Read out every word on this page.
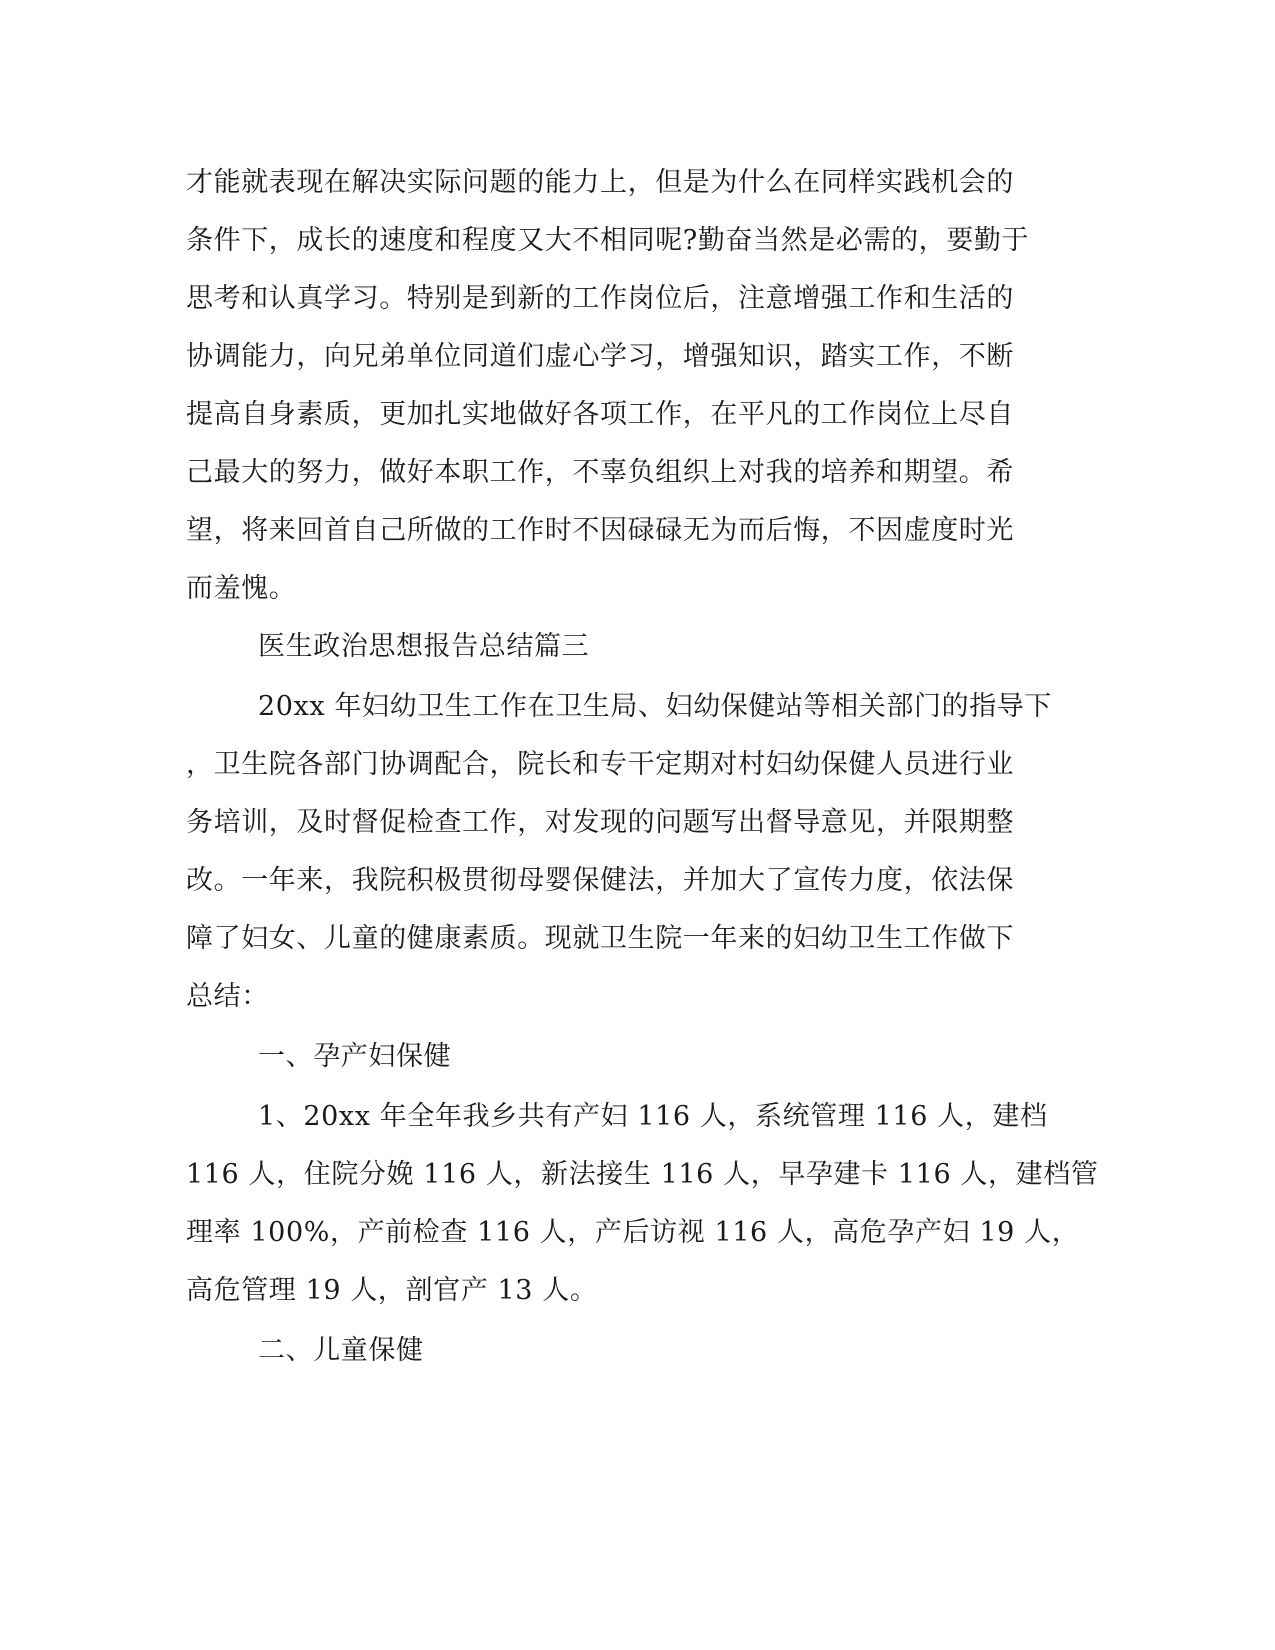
才能就表现在解决实际问题的能力上，但是为什么在同样实践机会的

条件下，成长的速度和程度又大不相同呢?勤奋当然是必需的，要勤于

思考和认真学习。特别是到新的工作岗位后，注意增强工作和生活的

协调能力，向兄弟单位同道们虚心学习，增强知识，踏实工作，不断

提高自身素质，更加扎实地做好各项工作，在平凡的工作岗位上尽自

己最大的努力，做好本职工作，不辜负组织上对我的培养和期望。希

望，将来回首自己所做的工作时不因碌碌无为而后悔，不因虚度时光

而羞愧。

医生政治思想报告总结篇三

20xx 年妇幼卫生工作在卫生局、妇幼保健站等相关部门的指导下

，卫生院各部门协调配合，院长和专干定期对村妇幼保健人员进行业

务培训，及时督促检查工作，对发现的问题写出督导意见，并限期整

改。一年来，我院积极贯彻母婴保健法，并加大了宣传力度，依法保

障了妇女、儿童的健康素质。现就卫生院一年来的妇幼卫生工作做下

总结：

一、孕产妇保健

1、20xx 年全年我乡共有产妇 116 人，系统管理 116 人，建档

116 人，住院分娩 116 人，新法接生 116 人，早孕建卡 116 人，建档管

理率 100%，产前检查 116 人，产后访视 116 人，高危孕产妇 19 人，

高危管理 19 人，剖官产 13 人。

二、儿童保健
